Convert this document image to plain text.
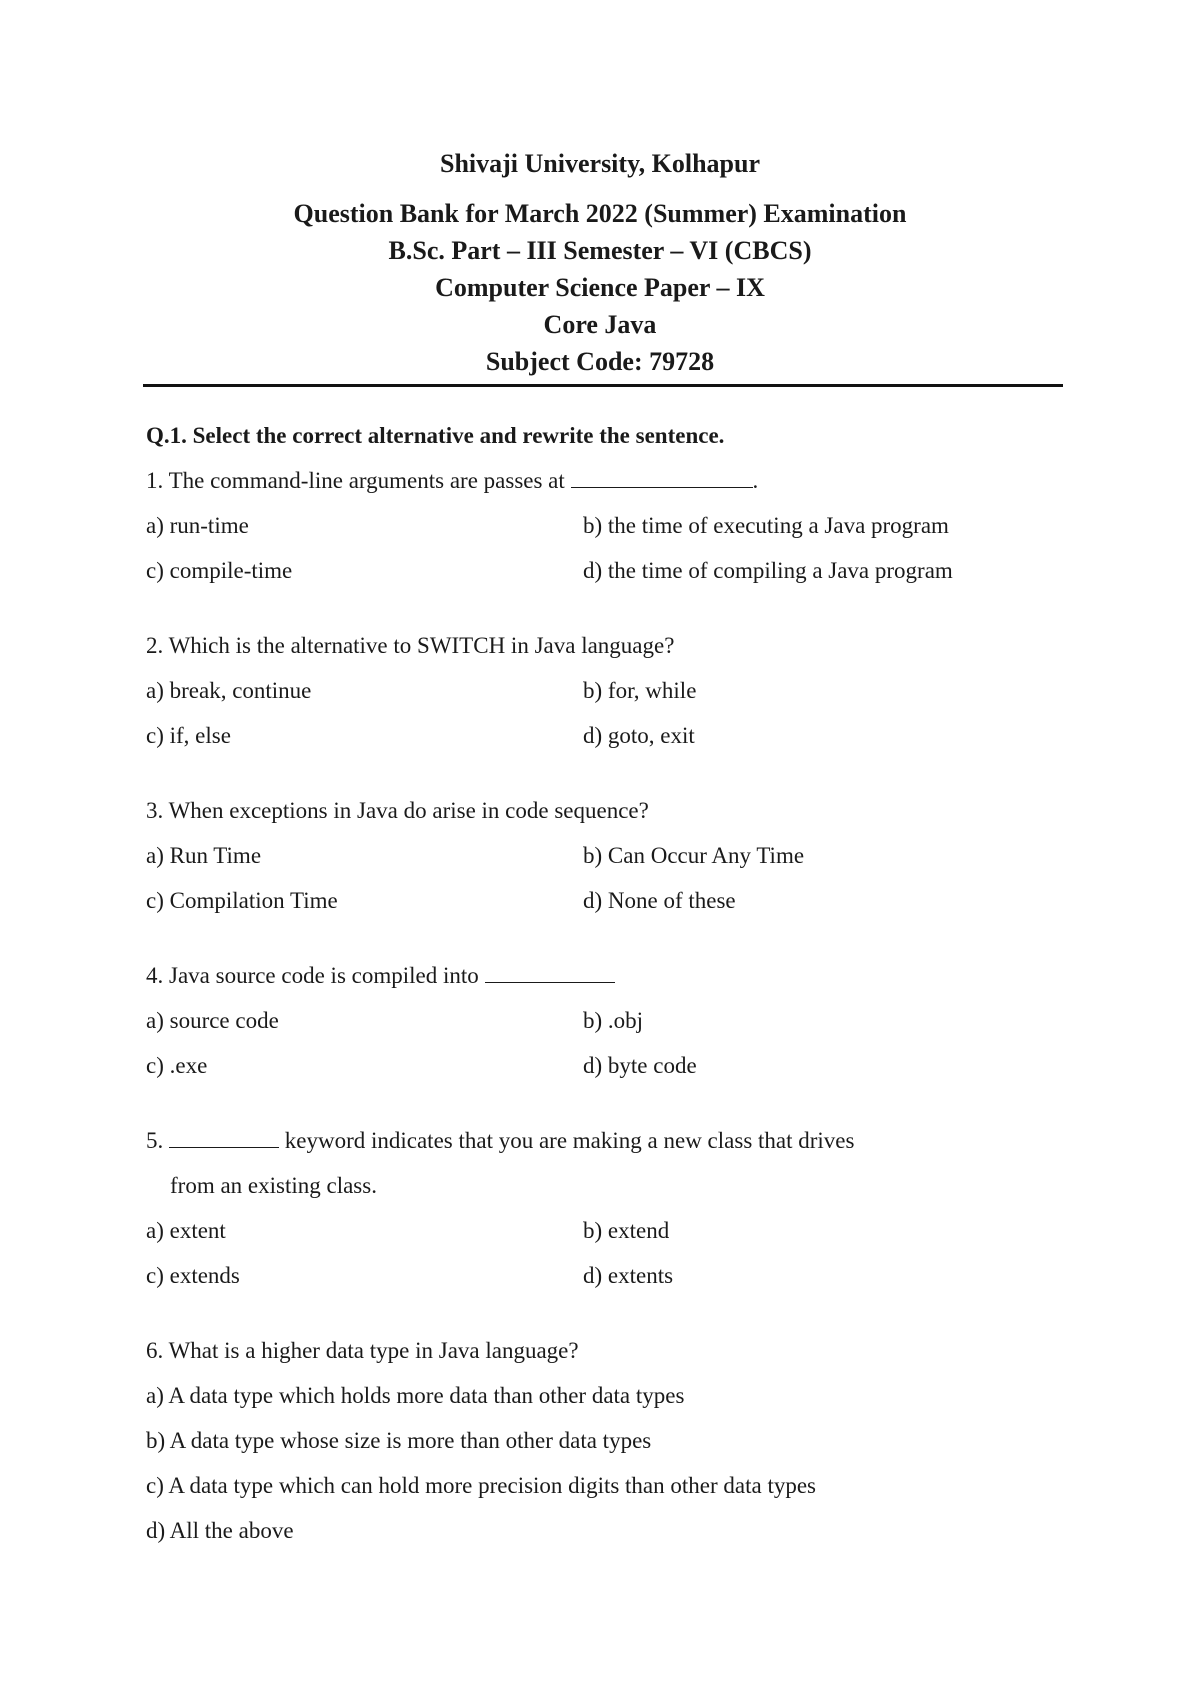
Shivaji University, Kolhapur
Question Bank for March 2022 (Summer) Examination
B.Sc. Part – III Semester – VI (CBCS)
Computer Science Paper – IX
Core Java
Subject Code: 79728
Q.1. Select the correct alternative and rewrite the sentence.
1. The command-line arguments are passes at	.
a) run-time	b) the time of executing a Java program
c) compile-time	d) the time of compiling a Java program
2. Which is the alternative to SWITCH in Java language?
a) break, continue	b) for, while
c) if, else	d) goto, exit
3. When exceptions in Java do arise in code sequence?
a) Run Time	b) Can Occur Any Time
c) Compilation Time	d) None of these
4. Java source code is compiled into
a) source code	b) .obj
c) .exe	d) byte code
5.	keyword indicates that you are making a new class that drives
from an existing class.
a) extent	b) extend
c) extends	d) extents
6. What is a higher data type in Java language?
a) A data type which holds more data than other data types
b) A data type whose size is more than other data types
c) A data type which can hold more precision digits than other data types
d) All the above
